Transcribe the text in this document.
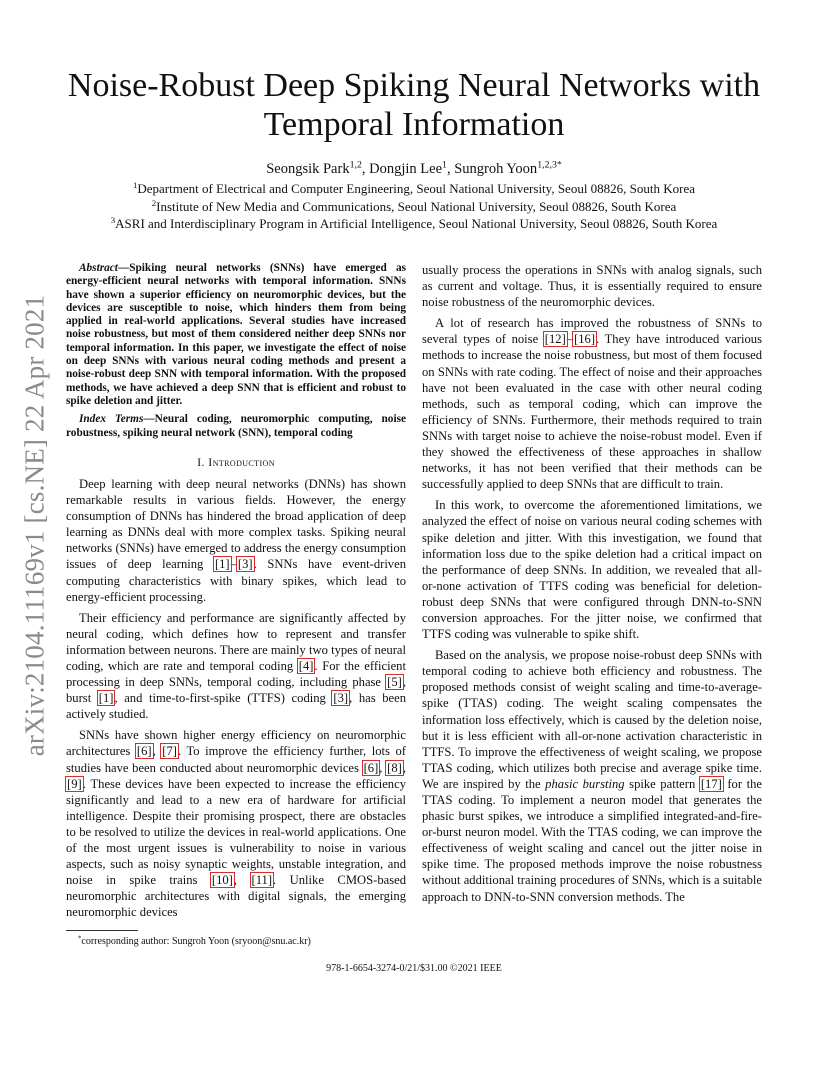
arXiv:2104.11169v1 [cs.NE] 22 Apr 2021
Noise-Robust Deep Spiking Neural Networks with Temporal Information
Seongsik Park$^{1,2}$, Dongjin Lee$^1$, Sungroh Yoon$^{1,2,3*}$
$^1$Department of Electrical and Computer Engineering, Seoul National University, Seoul 08826, South Korea
$^2$Institute of New Media and Communications, Seoul National University, Seoul 08826, South Korea
$^3$ASRI and Interdisciplinary Program in Artificial Intelligence, Seoul National University, Seoul 08826, South Korea

Abstract—Spiking neural networks (SNNs) have emerged as energy-efficient neural networks with temporal information. SNNs have shown a superior efficiency on neuromorphic devices, but the devices are susceptible to noise, which hinders them from being applied in real-world applications. Several studies have increased noise robustness, but most of them considered neither deep SNNs nor temporal information. In this paper, we investigate the effect of noise on deep SNNs with various neural coding methods and present a noise-robust deep SNN with temporal information. With the proposed methods, we have achieved a deep SNN that is efficient and robust to spike deletion and jitter.

Index Terms—Neural coding, neuromorphic computing, noise robustness, spiking neural network (SNN), temporal coding

I. Introduction

Deep learning with deep neural networks (DNNs) has shown remarkable results in various fields. However, the energy consumption of DNNs has hindered the broad application of deep learning as DNNs deal with more complex tasks. Spiking neural networks (SNNs) have emerged to address the energy consumption issues of deep learning [1]–[3]. SNNs have event-driven computing characteristics with binary spikes, which lead to energy-efficient processing.

Their efficiency and performance are significantly affected by neural coding, which defines how to represent and transfer information between neurons. There are mainly two types of neural coding, which are rate and temporal coding [4]. For the efficient processing in deep SNNs, temporal coding, including phase [5], burst [1], and time-to-first-spike (TTFS) coding [3], has been actively studied.

SNNs have shown higher energy efficiency on neuromorphic architectures [6], [7]. To improve the efficiency further, lots of studies have been conducted about neuromorphic devices [6], [8], [9]. These devices have been expected to increase the efficiency significantly and lead to a new era of hardware for artificial intelligence. Despite their promising prospect, there are obstacles to be resolved to utilize the devices in real-world applications. One of the most urgent issues is vulnerability to noise in various aspects, such as noisy synaptic weights, unstable integration, and noise in spike trains [10], [11]. Unlike CMOS-based neuromorphic architectures with digital signals, the emerging neuromorphic devices

usually process the operations in SNNs with analog signals, such as current and voltage. Thus, it is essentially required to ensure noise robustness of the neuromorphic devices.

A lot of research has improved the robustness of SNNs to several types of noise [12]–[16]. They have introduced various methods to increase the noise robustness, but most of them focused on SNNs with rate coding. The effect of noise and their approaches have not been evaluated in the case with other neural coding methods, such as temporal coding, which can improve the efficiency of SNNs. Furthermore, their methods required to train SNNs with target noise to achieve the noise-robust model. Even if they showed the effectiveness of these approaches in shallow networks, it has not been verified that their methods can be successfully applied to deep SNNs that are difficult to train.

In this work, to overcome the aforementioned limitations, we analyzed the effect of noise on various neural coding schemes with spike deletion and jitter. With this investigation, we found that information loss due to the spike deletion had a critical impact on the performance of deep SNNs. In addition, we revealed that all-or-none activation of TTFS coding was beneficial for deletion-robust deep SNNs that were configured through DNN-to-SNN conversion approaches. For the jitter noise, we confirmed that TTFS coding was vulnerable to spike shift.

Based on the analysis, we propose noise-robust deep SNNs with temporal coding to achieve both efficiency and robustness. The proposed methods consist of weight scaling and time-to-average-spike (TTAS) coding. The weight scaling compensates the information loss effectively, which is caused by the deletion noise, but it is less efficient with all-or-none activation characteristic in TTFS. To improve the effectiveness of weight scaling, we propose TTAS coding, which utilizes both precise and average spike time. We are inspired by the phasic bursting spike pattern [17] for the TTAS coding. To implement a neuron model that generates the phasic burst spikes, we introduce a simplified integrated-and-fire-or-burst neuron model. With the TTAS coding, we can improve the effectiveness of weight scaling and cancel out the jitter noise in spike time. The proposed methods improve the noise robustness without additional training procedures of SNNs, which is a suitable approach to DNN-to-SNN conversion methods. The

*corresponding author: Sungroh Yoon (sryoon@snu.ac.kr)
978-1-6654-3274-0/21/$31.00 ©2021 IEEE
